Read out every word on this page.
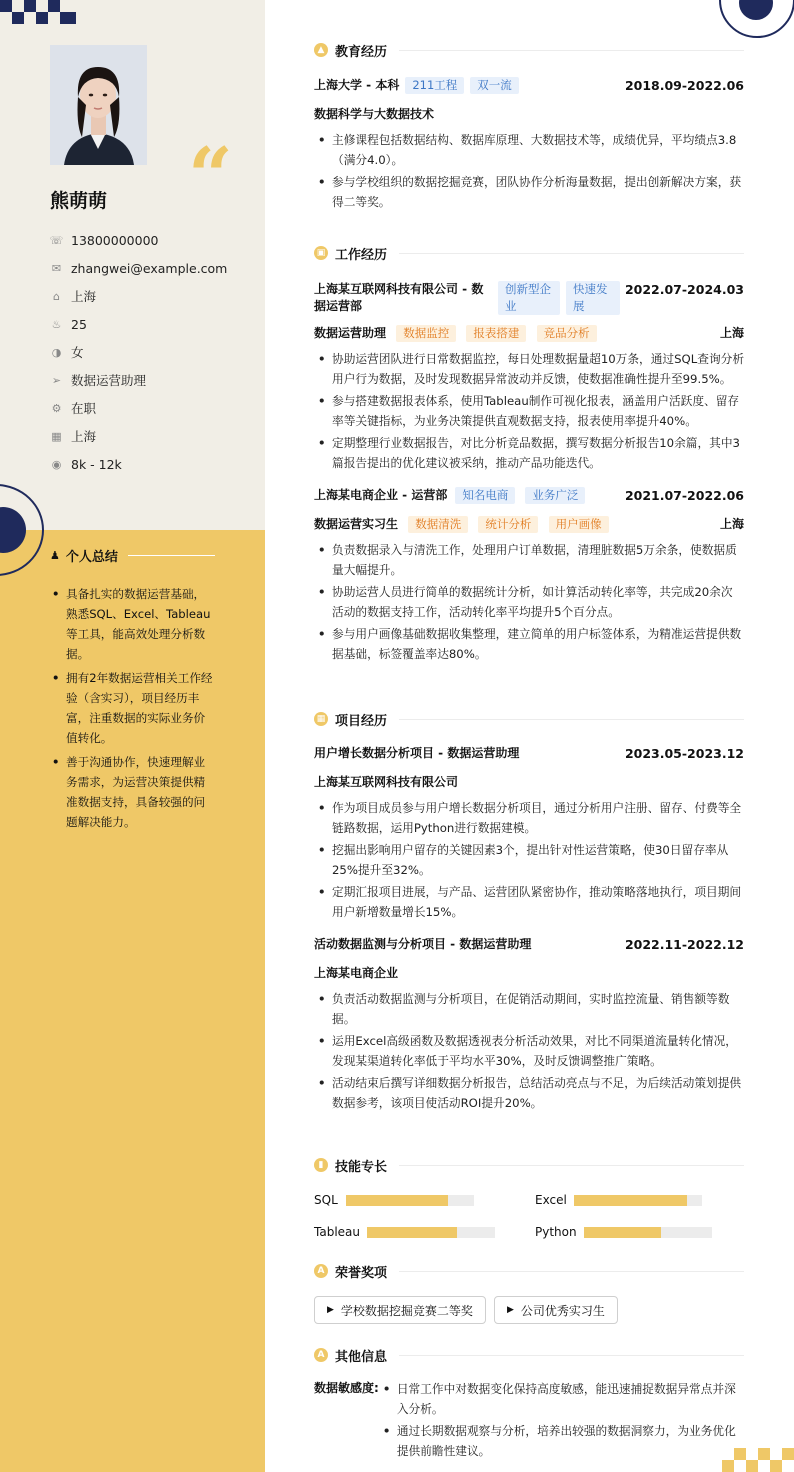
“
熊萌萌
☏ 13800000000
✉ zhangwei@example.com
⌂ 上海
♨ 25
◑ 女
➢ 数据运营助理
⚙ 在职
▦ 上海
◉ 8k - 12k
♟ 个人总结
• 具备扎实的数据运营基础，熟悉SQL、Excel、Tableau等工具，能高效处理分析数据。
• 拥有2年数据运营相关工作经验（含实习），项目经历丰富，注重数据的实际业务价值转化。
• 善于沟通协作，快速理解业务需求，为运营决策提供精准数据支持，具备较强的问题解决能力。
▲ 教育经历
上海大学 - 本科	211工程	双一流	2018.09-2022.06
数据科学与大数据技术
• 主修课程包括数据结构、数据库原理、大数据技术等，成绩优异，平均绩点3.8（满分4.0）。
• 参与学校组织的数据挖掘竞赛，团队协作分析海量数据，提出创新解决方案，获得二等奖。
▣ 工作经历
上海某互联网科技有限公司 - 数据运营部
创新型企业
快速发展
2022.07-2024.03
数据运营助理 数据监控 报表搭建 竞品分析	上海
• 协助运营团队进行日常数据监控，每日处理数据量超10万条，通过SQL查询分析用户行为数据，及时发现数据异常波动并反馈，使数据准确性提升至99.5%。
• 参与搭建数据报表体系，使用Tableau制作可视化报表，涵盖用户活跃度、留存率等关键指标，为业务决策提供直观数据支持，报表使用率提升40%。
• 定期整理行业数据报告，对比分析竞品数据，撰写数据分析报告10余篇，其中3篇报告提出的优化建议被采纳，推动产品功能迭代。
上海某电商企业 - 运营部	知名电商	业务广泛	2021.07-2022.06
数据运营实习生 数据清洗 统计分析 用户画像	上海
• 负责数据录入与清洗工作，处理用户订单数据，清理脏数据5万余条，使数据质量大幅提升。
• 协助运营人员进行简单的数据统计分析，如计算活动转化率等，共完成20余次活动的数据支持工作，活动转化率平均提升5个百分点。
• 参与用户画像基础数据收集整理，建立简单的用户标签体系，为精准运营提供数据基础，标签覆盖率达80%。
▦ 项目经历
用户增长数据分析项目 - 数据运营助理	2023.05-2023.12
上海某互联网科技有限公司
• 作为项目成员参与用户增长数据分析项目，通过分析用户注册、留存、付费等全链路数据，运用Python进行数据建模。
• 挖掘出影响用户留存的关键因素3个，提出针对性运营策略，使30日留存率从25%提升至32%。
• 定期汇报项目进展，与产品、运营团队紧密协作，推动策略落地执行，项目期间用户新增数量增长15%。
活动数据监测与分析项目 - 数据运营助理	2022.11-2022.12
上海某电商企业
• 负责活动数据监测与分析项目，在促销活动期间，实时监控流量、销售额等数据。
• 运用Excel高级函数及数据透视表分析活动效果，对比不同渠道流量转化情况，发现某渠道转化率低于平均水平30%，及时反馈调整推广策略。
• 活动结束后撰写详细数据分析报告，总结活动亮点与不足，为后续活动策划提供数据参考，该项目使活动ROI提升20%。
▮ 技能专长
SQL	Excel
Tableau	Python
A 荣誉奖项
▶ 学校数据挖掘竞赛二等奖	▶ 公司优秀实习生
A 其他信息
数据敏感度:
•	日常工作中对数据变化保持高度敏感，能迅速捕捉数据异常点并深入分析。
• 通过长期数据观察与分析，培养出较强的数据洞察力，为业务优化提供前瞻性建议。
